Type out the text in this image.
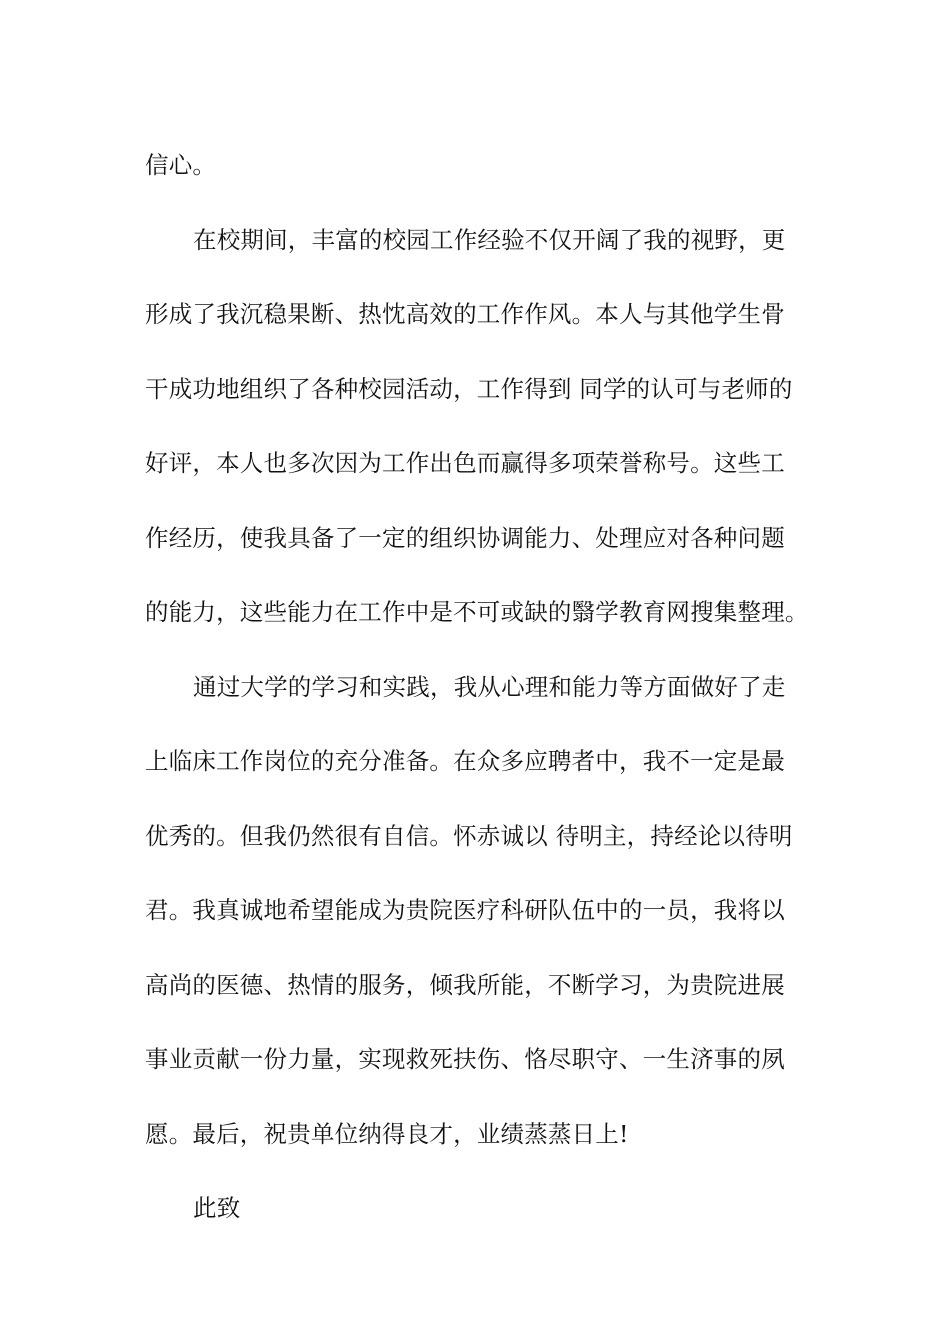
信心。
在校期间，丰富的校园工作经验不仅开阔了我的视野，更
形成了我沉稳果断、热忱高效的工作作风。本人与其他学生骨
干成功地组织了各种校园活动，工作得到 同学的认可与老师的
好评，本人也多次因为工作出色而赢得多项荣誉称号。这些工
作经历，使我具备了一定的组织协调能力、处理应对各种问题
的能力，这些能力在工作中是不可或缺的翳学教育网搜集整理。
通过大学的学习和实践，我从心理和能力等方面做好了走
上临床工作岗位的充分准备。在众多应聘者中，我不一定是最
优秀的。但我仍然很有自信。怀赤诚以 待明主，持经论以待明
君。我真诚地希望能成为贵院医疗科研队伍中的一员，我将以
高尚的医德、热情的服务，倾我所能，不断学习，为贵院进展
事业贡献一份力量，实现救死扶伤、恪尽职守、一生济事的夙
愿。最后，祝贵单位纳得良才，业绩蒸蒸日上!
此致
